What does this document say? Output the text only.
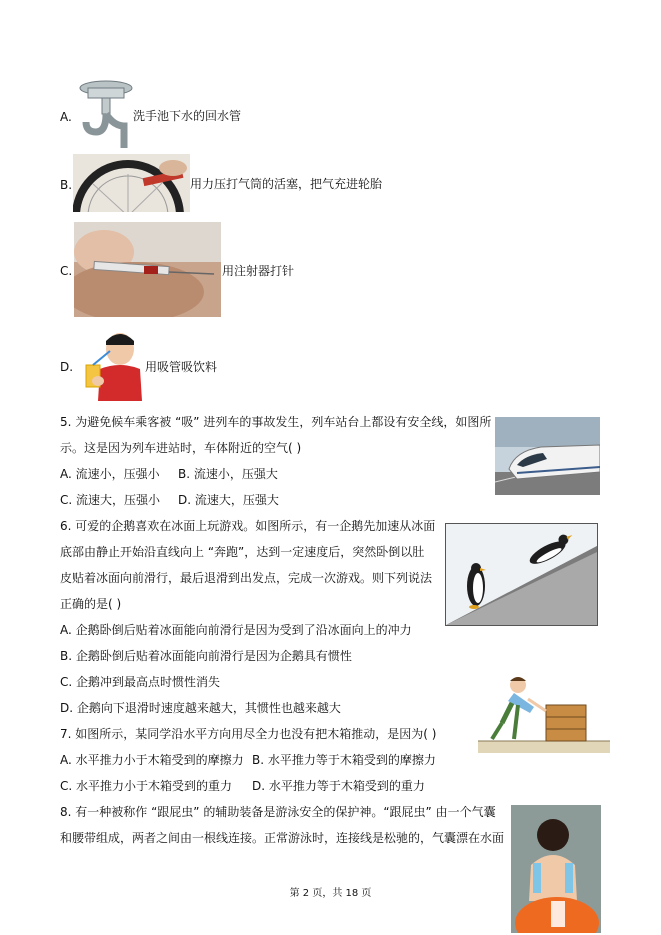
A.	洗手池下水的回水管
B.	用力压打气筒的活塞，把气充进轮胎
C.	用注射器打针
D.	用吸管吸饮料
5. 为避免候车乘客被 “吸” 进列车的事故发生，列车站台上都设有安全线，如图所
示。这是因为列车进站时，车体附近的空气( )
A. 流速小，压强小 B. 流速小，压强大
C. 流速大，压强小 D. 流速大，压强大
6. 可爱的企鹅喜欢在冰面上玩游戏。如图所示，有一企鹅先加速从冰面
底部由静止开始沿直线向上 “奔跑”，达到一定速度后，突然卧倒以肚
皮贴着冰面向前滑行，最后退滑到出发点，完成一次游戏。则下列说法
正确的是( )
A. 企鹅卧倒后贴着冰面能向前滑行是因为受到了沿冰面向上的冲力
B. 企鹅卧倒后贴着冰面能向前滑行是因为企鹅具有惯性
C. 企鹅冲到最高点时惯性消失
D. 企鹅向下退滑时速度越来越大，其惯性也越来越大
7. 如图所示，某同学沿水平方向用尽全力也没有把木箱推动，是因为( )
A. 水平推力小于木箱受到的摩擦力 B. 水平推力等于木箱受到的摩擦力
C. 水平推力小于木箱受到的重力 D. 水平推力等于木箱受到的重力
8. 有一种被称作 “跟屁虫” 的辅助装备是游泳安全的保护神。“跟屁虫” 由一个气囊
和腰带组成，两者之间由一根线连接。正常游泳时，连接线是松驰的，气囊漂在水面
第 2 页，共 18 页
